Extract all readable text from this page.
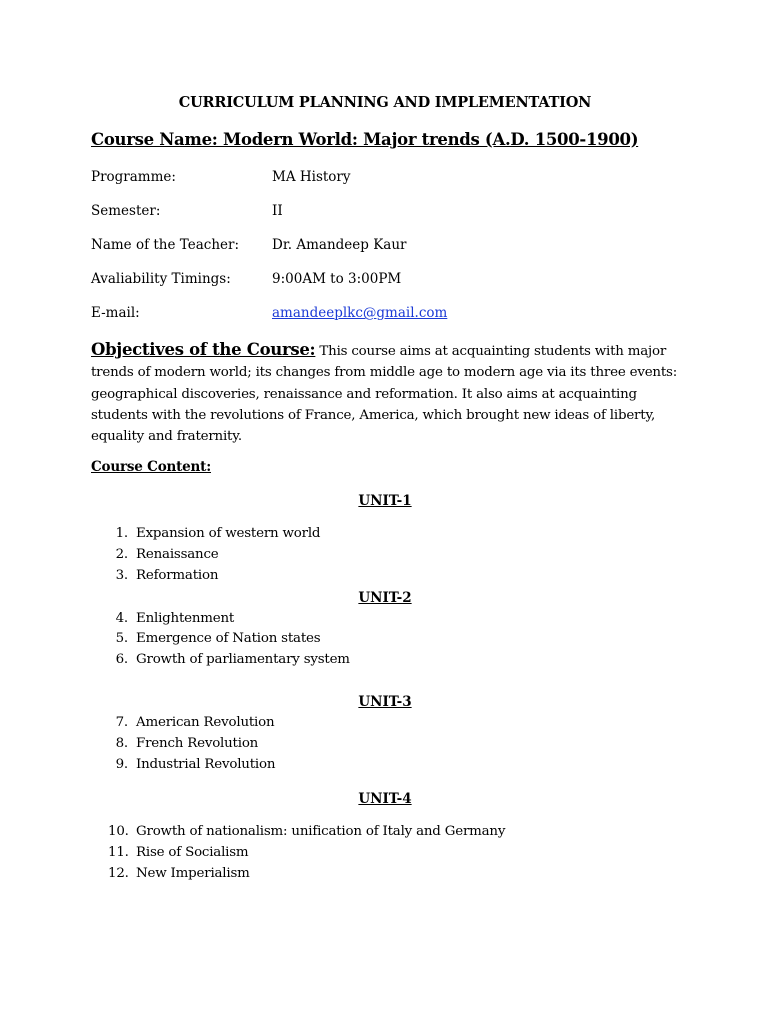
CURRICULUM PLANNING AND IMPLEMENTATION
Course Name: Modern World: Major trends (A.D. 1500-1900)
Programme:	MA History
Semester:	II
Name of the Teacher: Dr. Amandeep Kaur
Avaliability Timings:	9:00AM to 3:00PM
E-mail:	amandeeplkc@gmail.com
Objectives of the Course: This course aims at acquainting students with major trends of modern world; its changes from middle age to modern age via its three events: geographical discoveries, renaissance and reformation. It also aims at acquainting students with the revolutions of France, America, which brought new ideas of liberty, equality and fraternity.
Course Content:
UNIT-1
1. Expansion of western world
2. Renaissance
3. Reformation
UNIT-2
4. Enlightenment
5. Emergence of Nation states
6. Growth of parliamentary system
UNIT-3
7. American Revolution
8. French Revolution
9. Industrial Revolution
UNIT-4
10. Growth of nationalism: unification of Italy and Germany
11. Rise of Socialism
12. New Imperialism
